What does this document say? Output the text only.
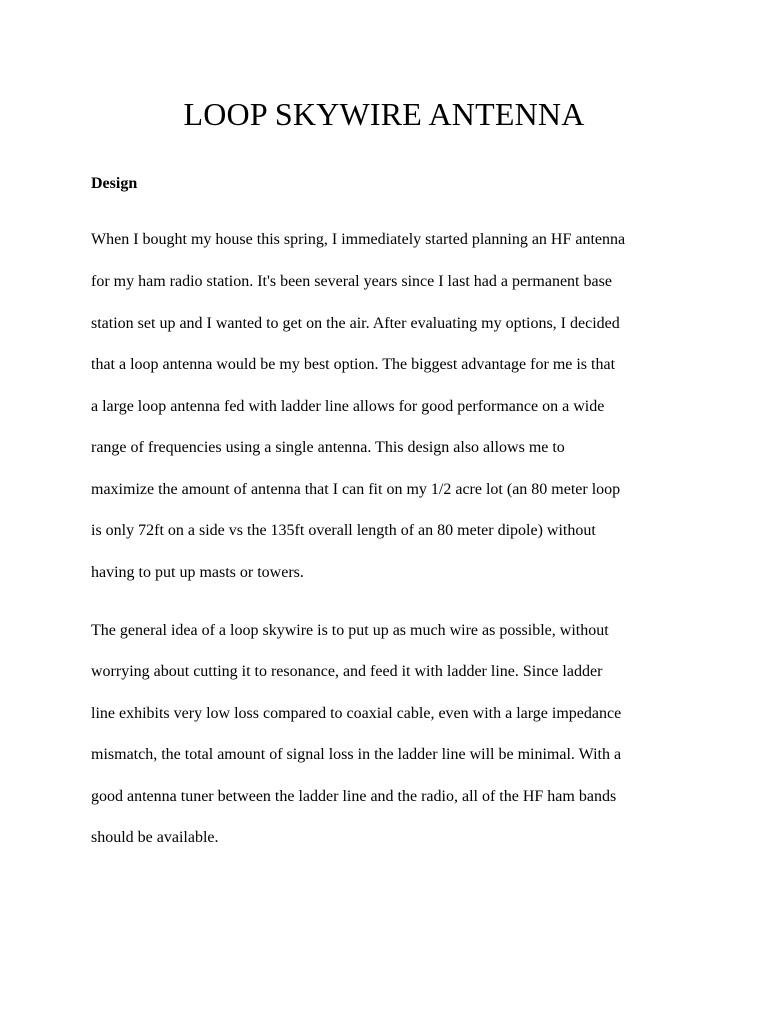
LOOP SKYWIRE ANTENNA
Design

When I bought my house this spring, I immediately started planning an HF antenna

for my ham radio station. It's been several years since I last had a permanent base

station set up and I wanted to get on the air. After evaluating my options, I decided

that a loop antenna would be my best option. The biggest advantage for me is that

a large loop antenna fed with ladder line allows for good performance on a wide

range of frequencies using a single antenna. This design also allows me to

maximize the amount of antenna that I can fit on my 1/2 acre lot (an 80 meter loop

is only 72ft on a side vs the 135ft overall length of an 80 meter dipole) without

having to put up masts or towers.

The general idea of a loop skywire is to put up as much wire as possible, without

worrying about cutting it to resonance, and feed it with ladder line. Since ladder

line exhibits very low loss compared to coaxial cable, even with a large impedance

mismatch, the total amount of signal loss in the ladder line will be minimal. With a

good antenna tuner between the ladder line and the radio, all of the HF ham bands

should be available.
